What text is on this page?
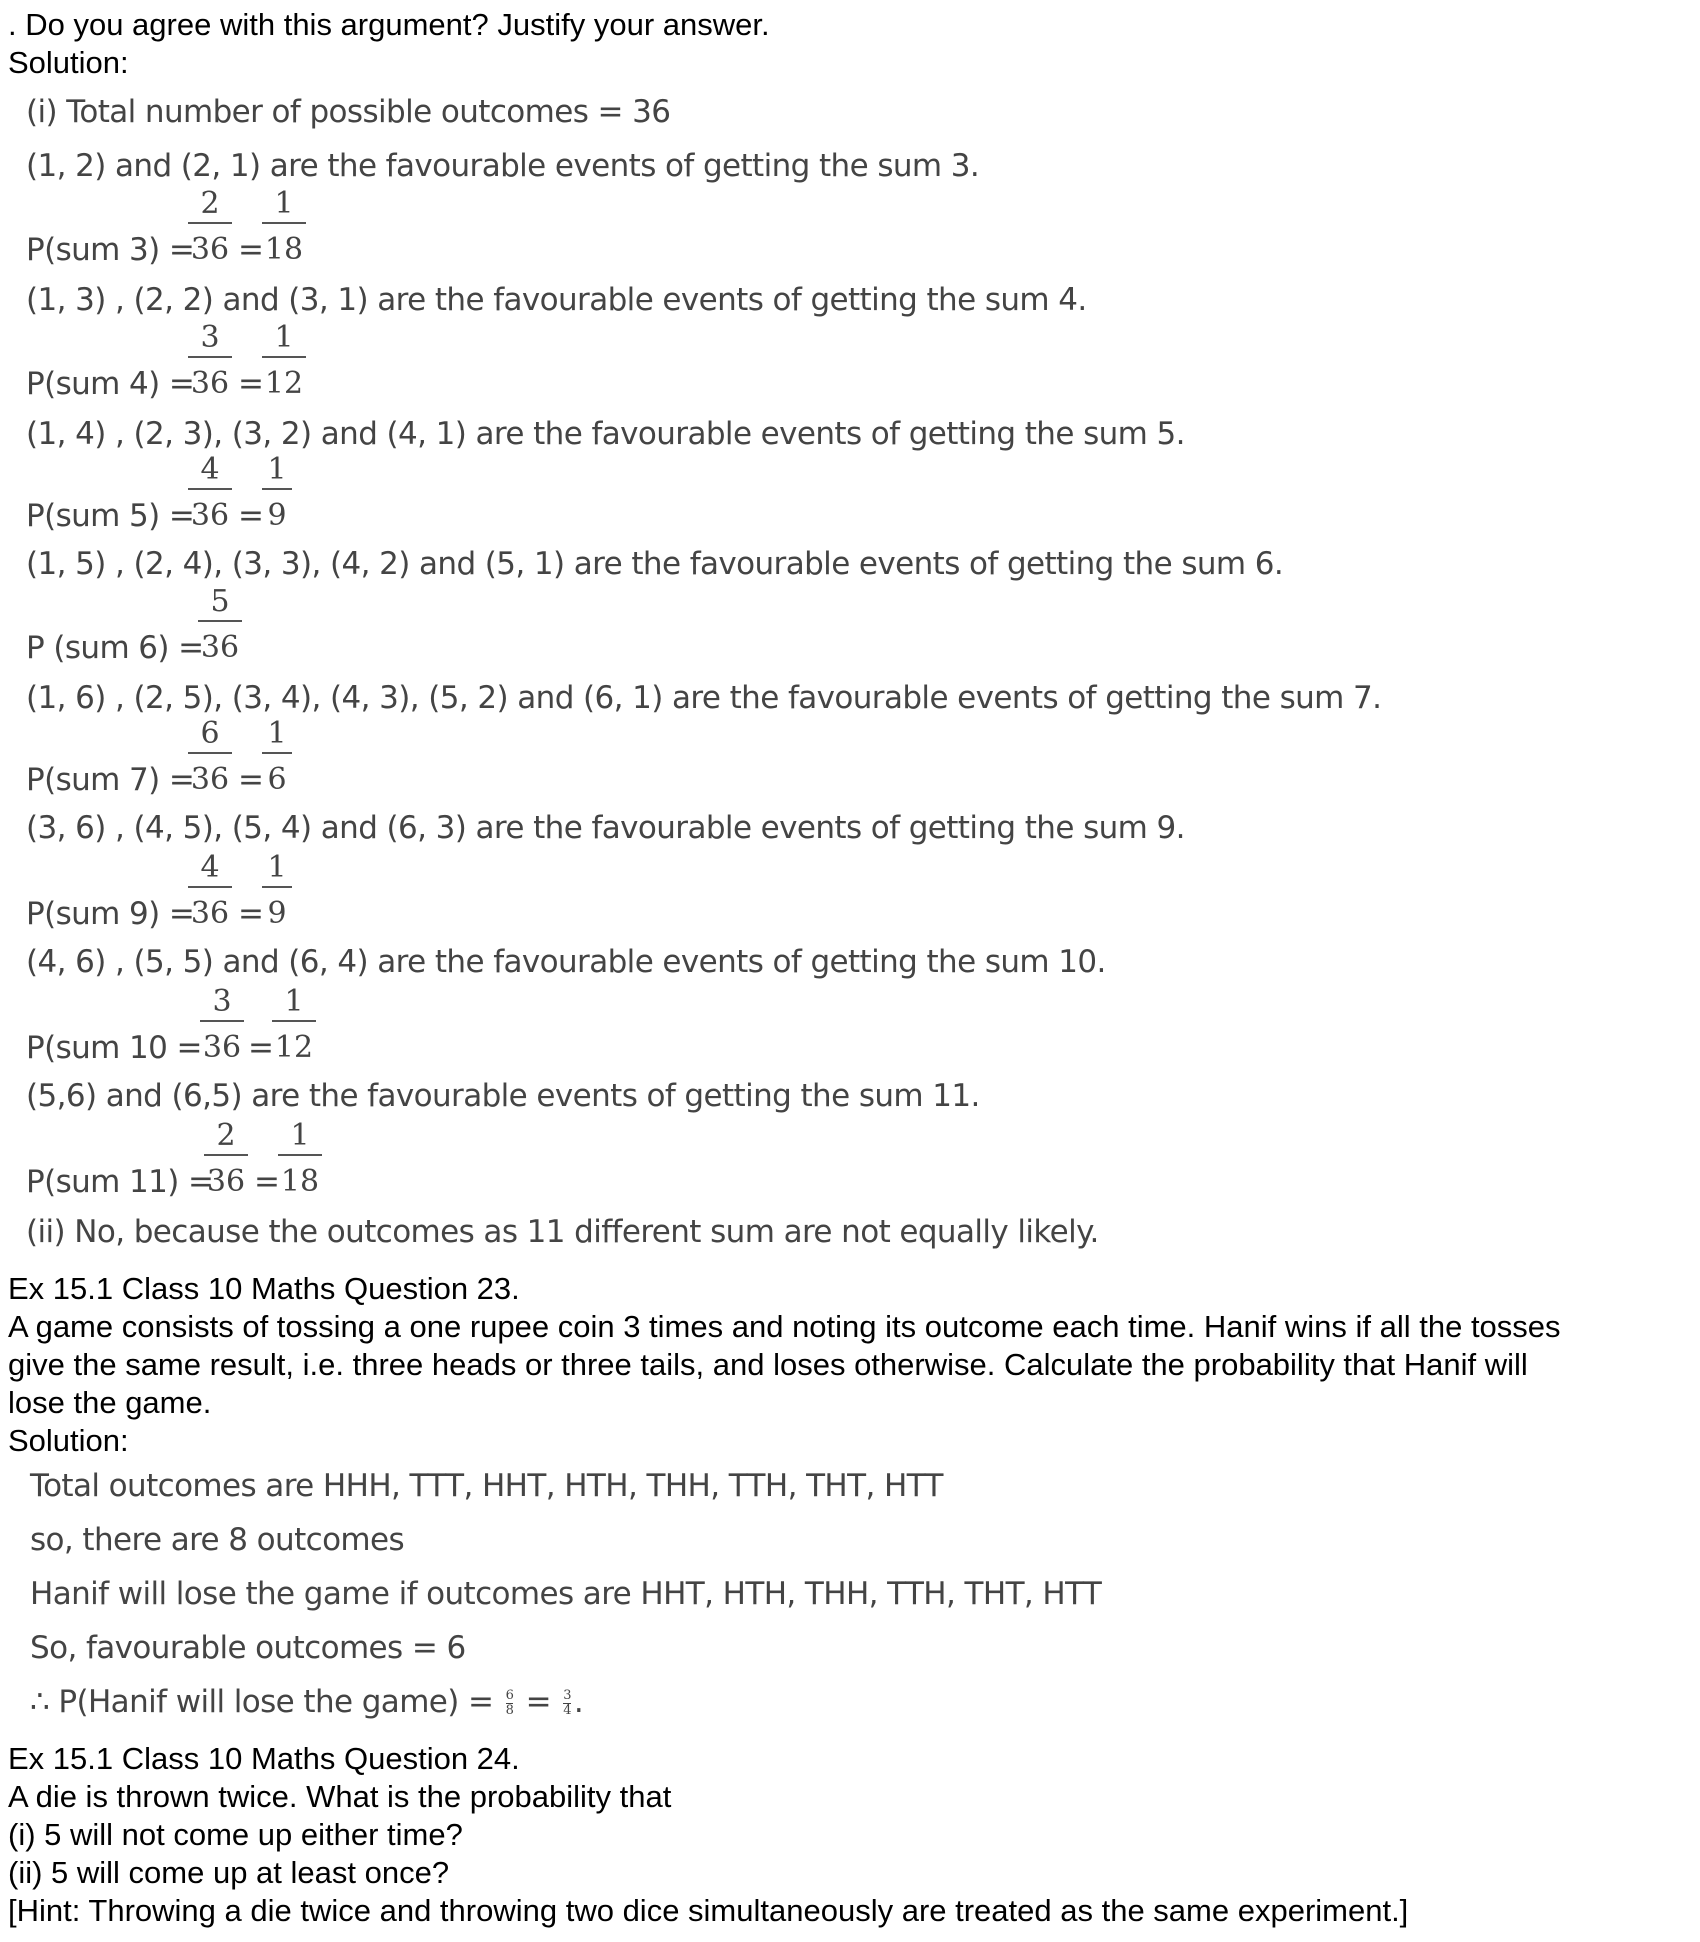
. Do you agree with this argument? Justify your answer.

Solution:

(i) Total number of possible outcomes = 36

(1, 2) and (2, 1) are the favourable events of getting the sum 3.

P(sum 3) =
$\frac{2}{36}$ =
$\frac{1}{18}$

(1, 3) , (2, 2) and (3, 1) are the favourable events of getting the sum 4.

P(sum 4) =
$\frac{3}{36}$ =
$\frac{1}{12}$

(1, 4) , (2, 3), (3, 2) and (4, 1) are the favourable events of getting the sum 5.

P(sum 5) =
$\frac{4}{36}$ =
$\frac{1}{9}$

(1, 5) , (2, 4), (3, 3), (4, 2) and (5, 1) are the favourable events of getting the sum 6.

P (sum 6) =
$\frac{5}{36}$

(1, 6) , (2, 5), (3, 4), (4, 3), (5, 2) and (6, 1) are the favourable events of getting the sum 7.

P(sum 7) =
$\frac{6}{36}$ =
$\frac{1}{6}$

(3, 6) , (4, 5), (5, 4) and (6, 3) are the favourable events of getting the sum 9.

P(sum 9) =
$\frac{4}{36}$ =
$\frac{1}{9}$

(4, 6) , (5, 5) and (6, 4) are the favourable events of getting the sum 10.

P(sum 10 =
$\frac{3}{36}$ =
$\frac{1}{12}$

(5,6) and (6,5) are the favourable events of getting the sum 11.

P(sum 11) =
$\frac{2}{36}$ =
$\frac{1}{18}$

(ii) No, because the outcomes as 11 different sum are not equally likely.

Ex 15.1 Class 10 Maths Question 23.

A game consists of tossing a one rupee coin 3 times and noting its outcome each time. Hanif wins if all the tosses

give the same result, i.e. three heads or three tails, and loses otherwise. Calculate the probability that Hanif will

lose the game.

Solution:

Total outcomes are HHH, TTT, HHT, HTH, THH, TTH, THT, HTT

so, there are 8 outcomes

Hanif will lose the game if outcomes are HHT, HTH, THH, TTH, THT, HTT

So, favourable outcomes = 6

∴ P(Hanif will lose the game) = $\frac{6}{8} = \frac{3}{4}$ .

Ex 15.1 Class 10 Maths Question 24.

A die is thrown twice. What is the probability that

(i) 5 will not come up either time?

(ii) 5 will come up at least once?

[Hint: Throwing a die twice and throwing two dice simultaneously are treated as the same experiment.]
